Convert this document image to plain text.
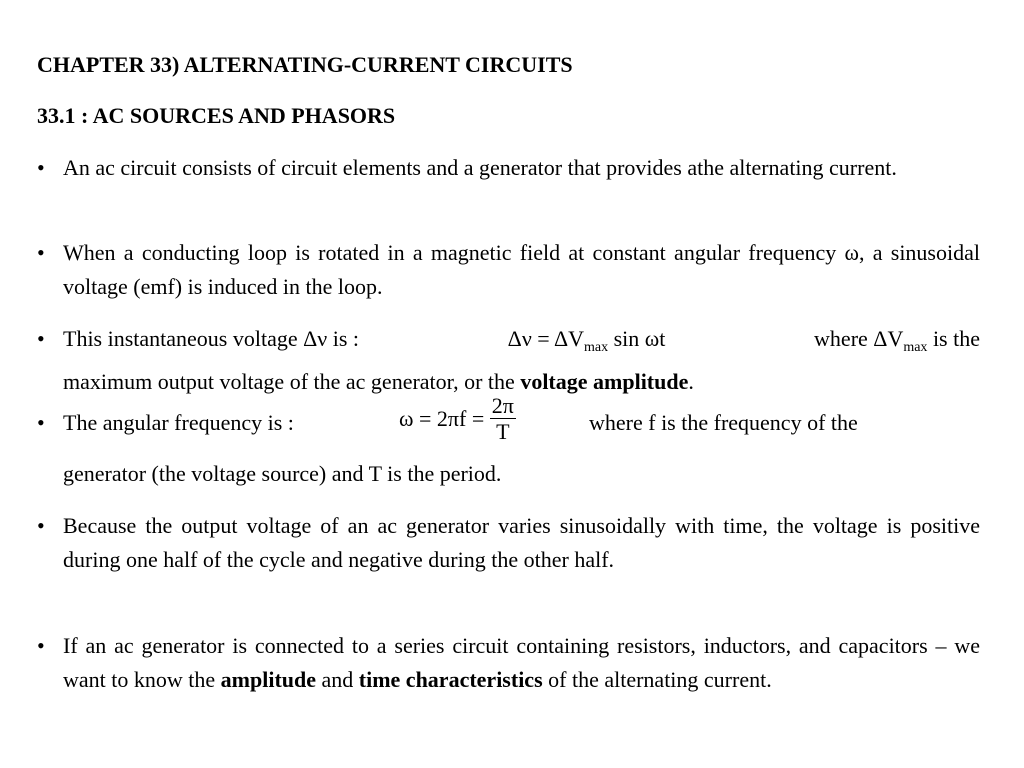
CHAPTER 33) ALTERNATING-CURRENT CIRCUITS
33.1 : AC SOURCES AND PHASORS
• An ac circuit consists of circuit elements and a generator that provides athe alternating current.
• When a conducting loop is rotated in a magnetic field at constant angular frequency ω, a sinusoidal voltage (emf) is induced in the loop.
• This instantaneous voltage Δν is :	$\Delta\nu = \Delta V_{max}$ sin ωt	where $\Delta V_{max}$ is the
maximum output voltage of the ac generator, or the voltage amplitude.
• The angular frequency is :	$\omega = 2\pi f = \frac{2\pi}{T}$	where f is the frequency of the
generator (the voltage source) and T is the period.
• Because the output voltage of an ac generator varies sinusoidally with time, the voltage is positive during one half of the cycle and negative during the other half.
• If an ac generator is connected to a series circuit containing resistors, inductors, and capacitors – we want to know the amplitude and time characteristics of the alternating current.
